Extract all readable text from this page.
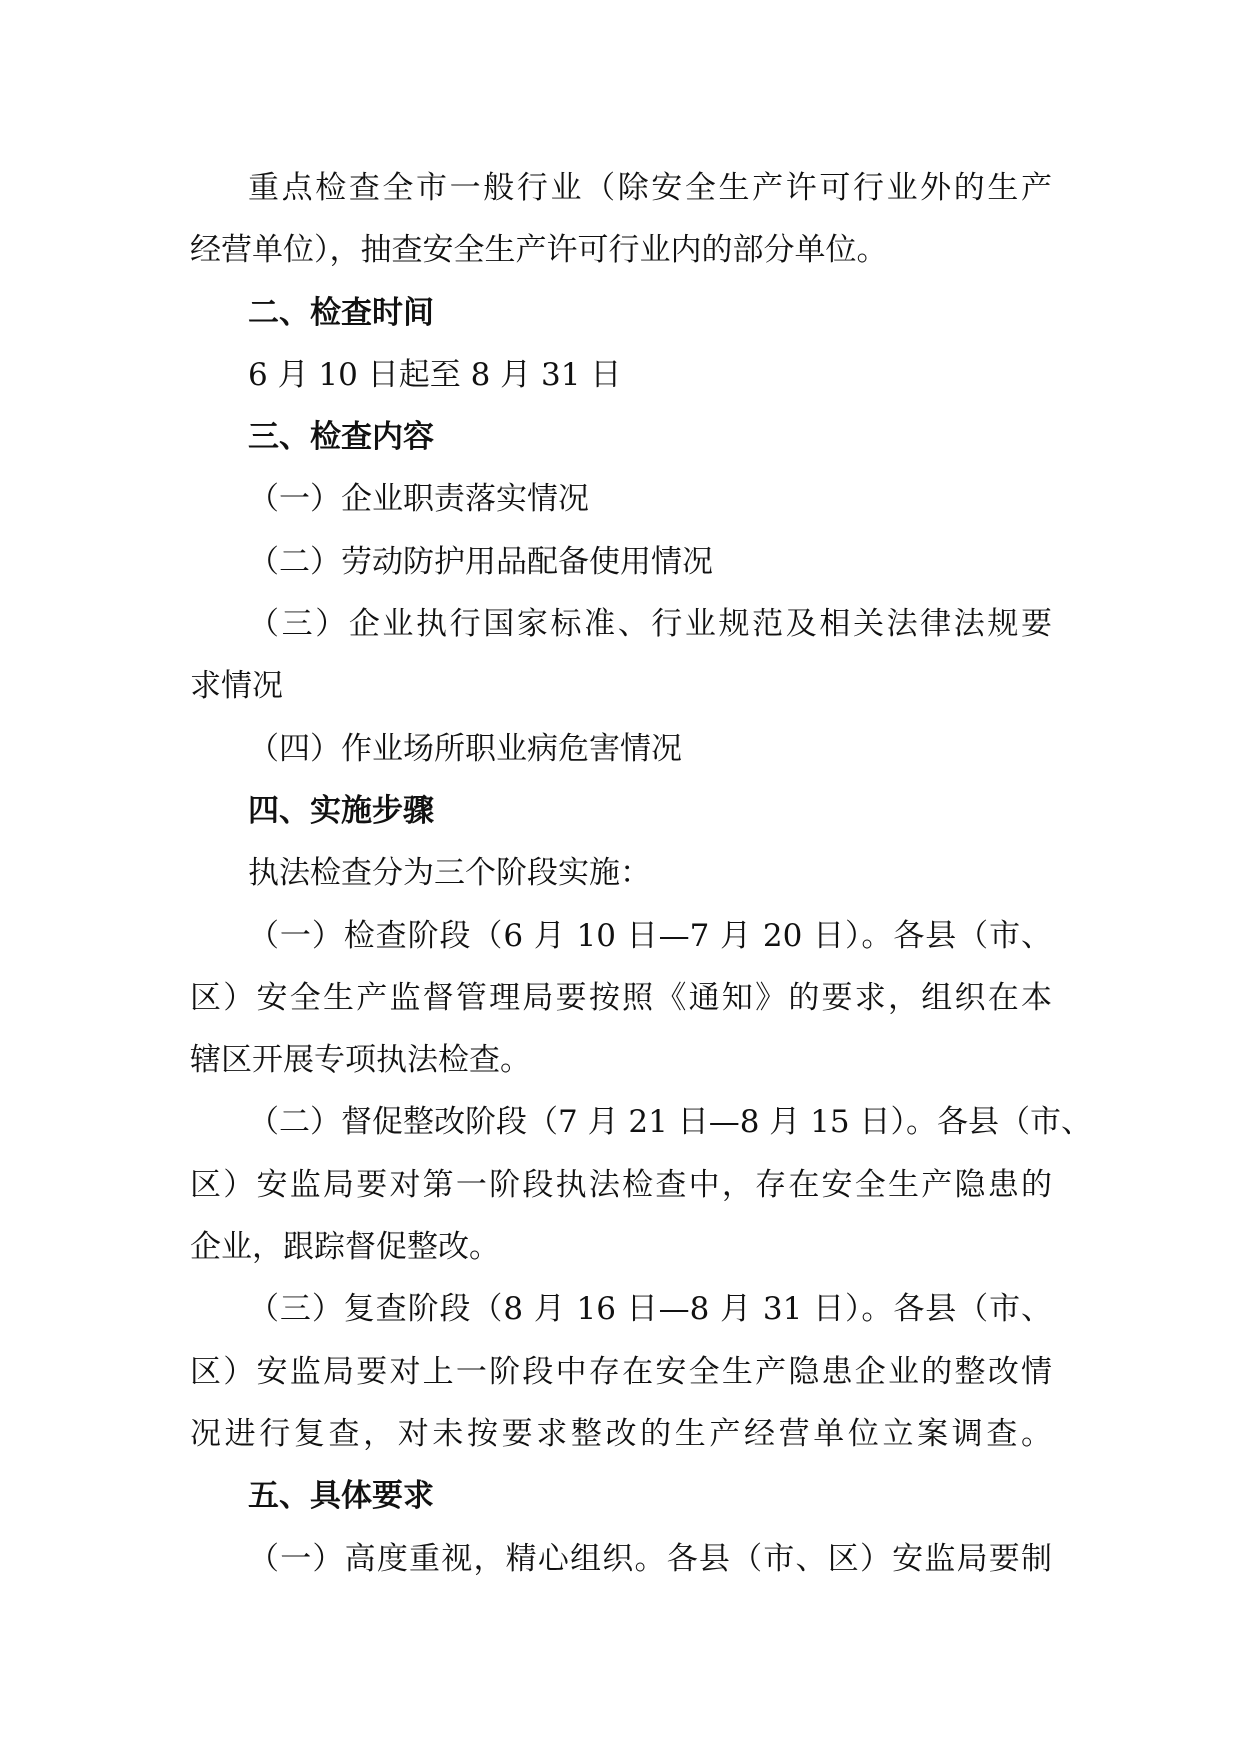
重点检查全市一般行业（除安全生产许可行业外的生产
经营单位），抽查安全生产许可行业内的部分单位。
二、检查时间
6 月 10 日起至 8 月 31 日
三、检查内容
（一）企业职责落实情况
（二）劳动防护用品配备使用情况
（三）企业执行国家标准、行业规范及相关法律法规要
求情况
（四）作业场所职业病危害情况
四、实施步骤
执法检查分为三个阶段实施：
（一）检查阶段（6 月 10 日—7 月 20 日）。各县（市、
区）安全生产监督管理局要按照《通知》的要求，组织在本
辖区开展专项执法检查。
（二）督促整改阶段（7 月 21 日—8 月 15 日）。各县（市、
区）安监局要对第一阶段执法检查中，存在安全生产隐患的
企业，跟踪督促整改。
（三）复查阶段（8 月 16 日—8 月 31 日）。各县（市、
区）安监局要对上一阶段中存在安全生产隐患企业的整改情
况进行复查，对未按要求整改的生产经营单位立案调查。
五、具体要求
（一）高度重视，精心组织。各县（市、区）安监局要制
